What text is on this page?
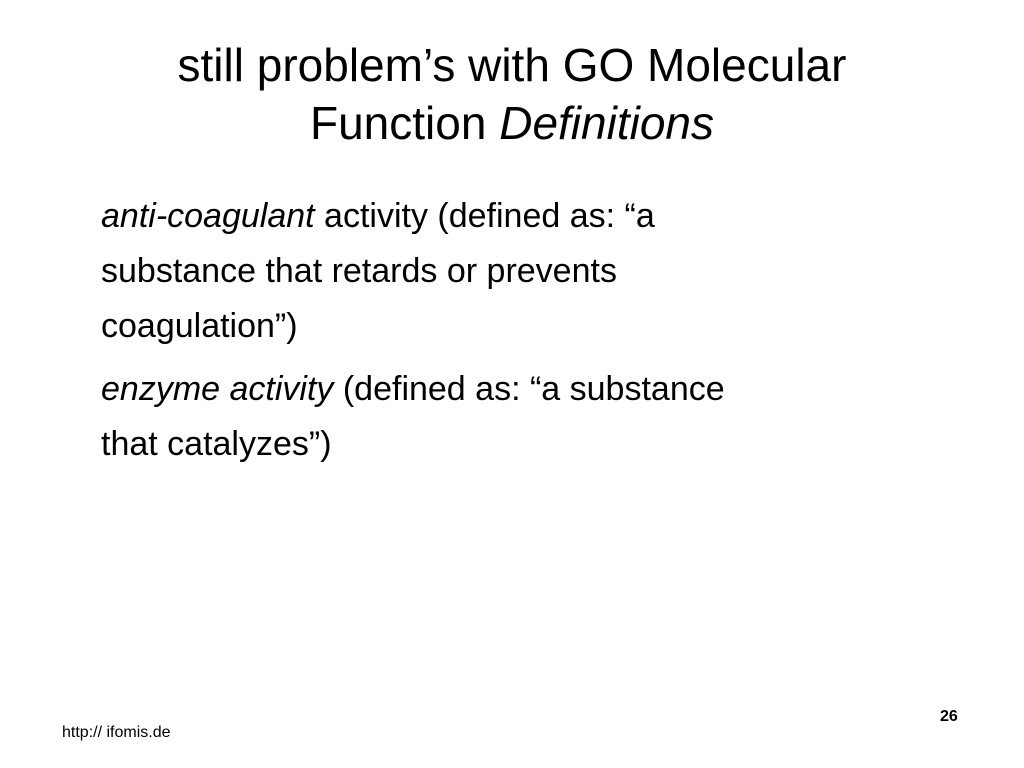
still problem’s with GO Molecular
Function Definitions

anti-coagulant activity (defined as: “a
substance that retards or prevents
coagulation”)

enzyme activity (defined as: “a substance
that catalyzes”)

http:// ifomis.de
26
